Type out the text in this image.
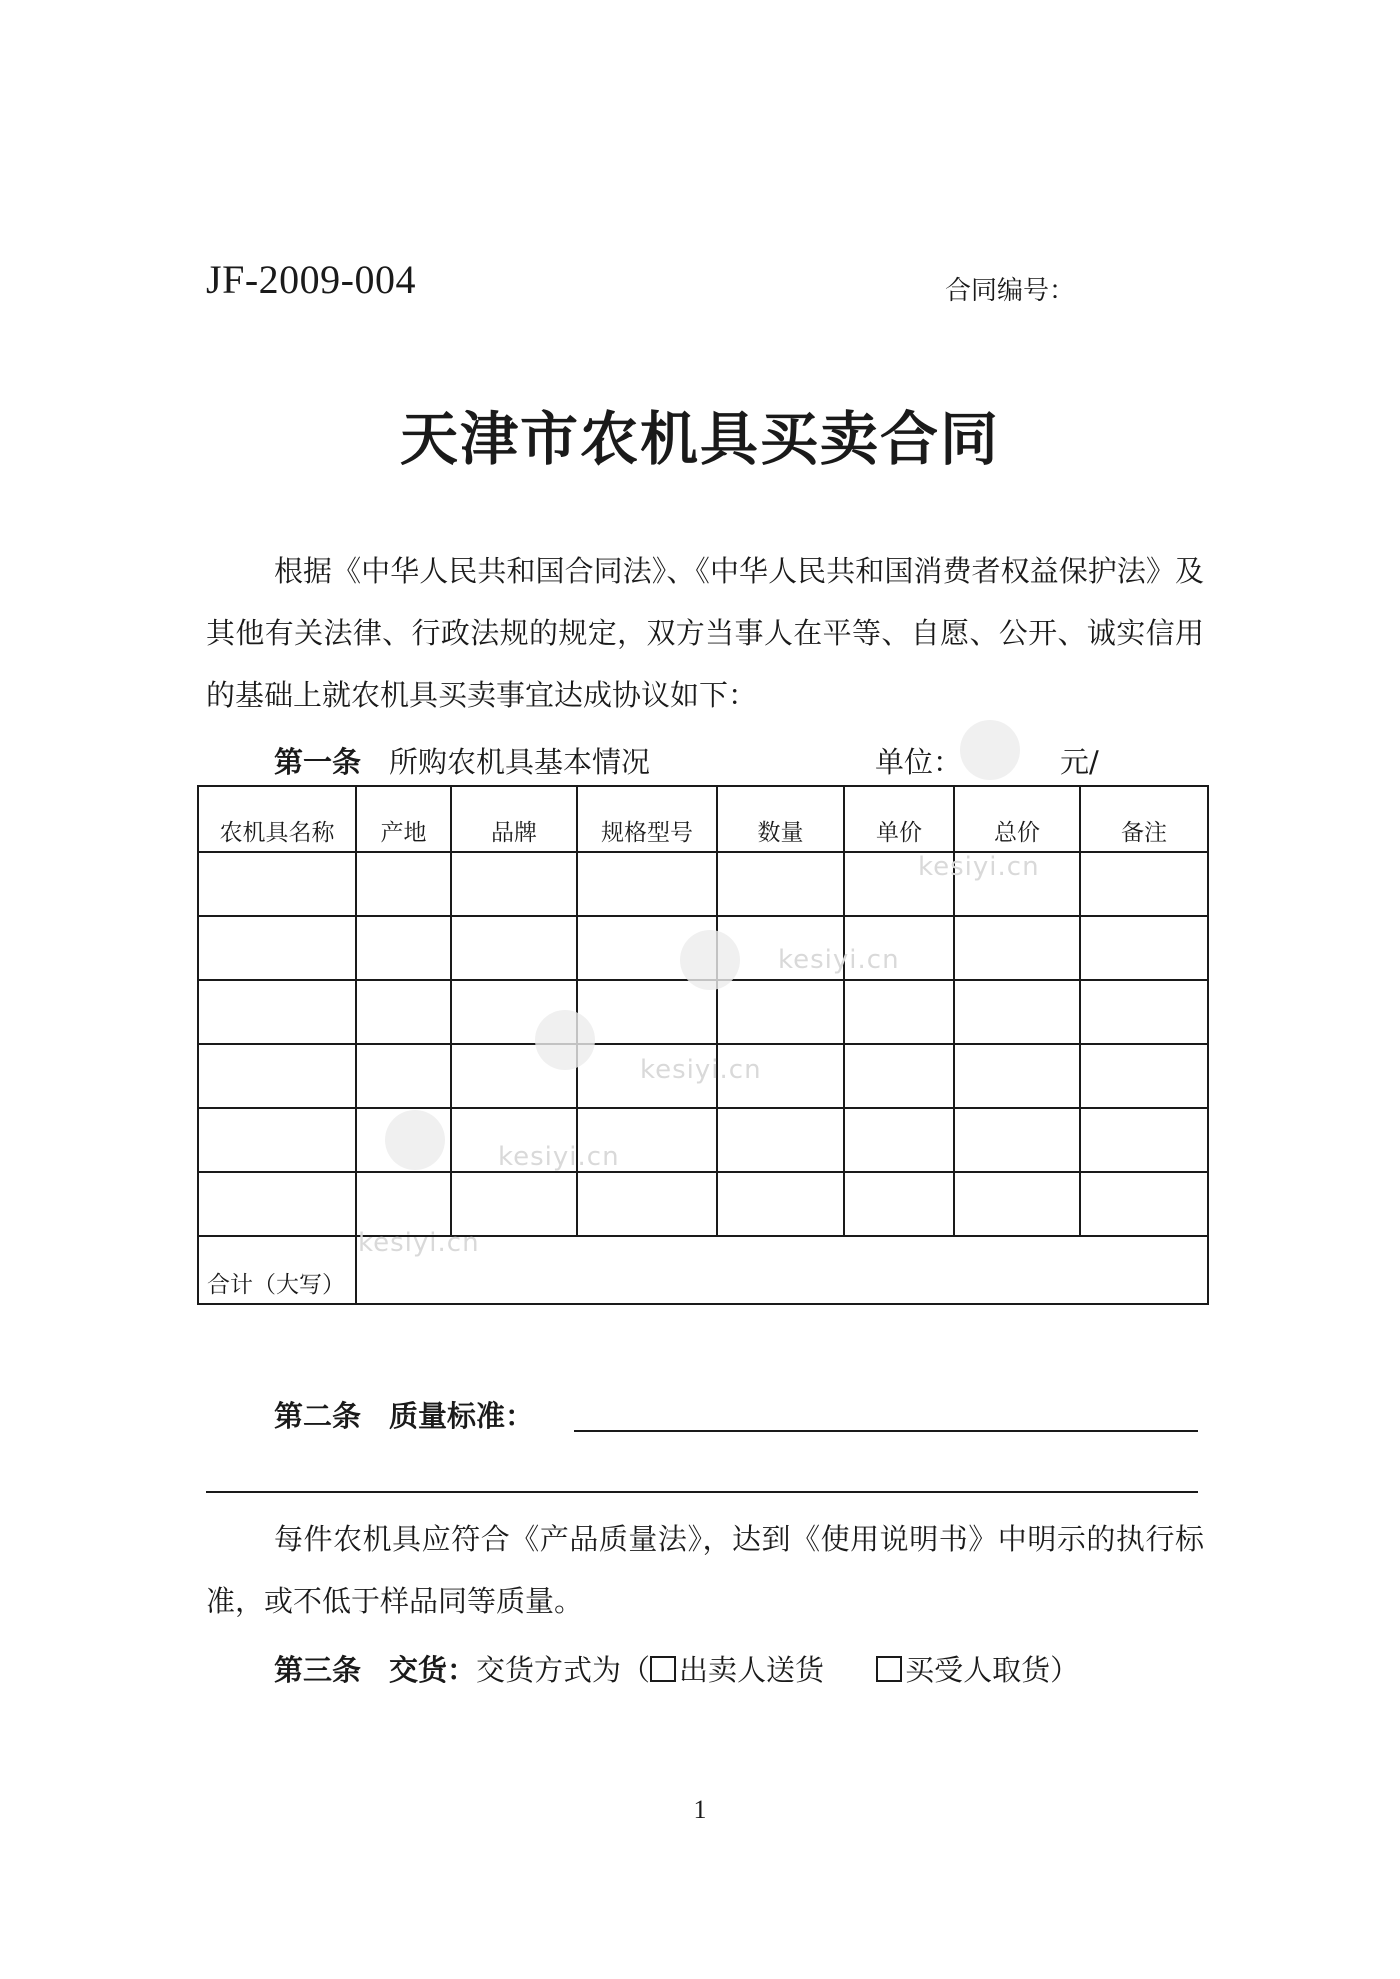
JF-2009-004	合同编号：
天津市农机具买卖合同
根据《中华人民共和国合同法》、《中华人民共和国消费者权益保护法》及其他有关法律、行政法规的规定，双方当事人在平等、自愿、公开、诚实信用的基础上就农机具买卖事宜达成协议如下：
第一条 所购农机具基本情况	单位：	元/
农机具名称	产地	品牌	规格型号	数量	单价	总价	备注

合计（大写）							
kesiyi.cn
kesiyi.cn
kesiyi.cn
kesiyi.cn
kesiyi.cn
第二条 质量标准：
每件农机具应符合《产品质量法》，达到《使用说明书》中明示的执行标准，或不低于样品同等质量。
第三条 交货：交货方式为（ 出卖人送货	买受人取货）
1
